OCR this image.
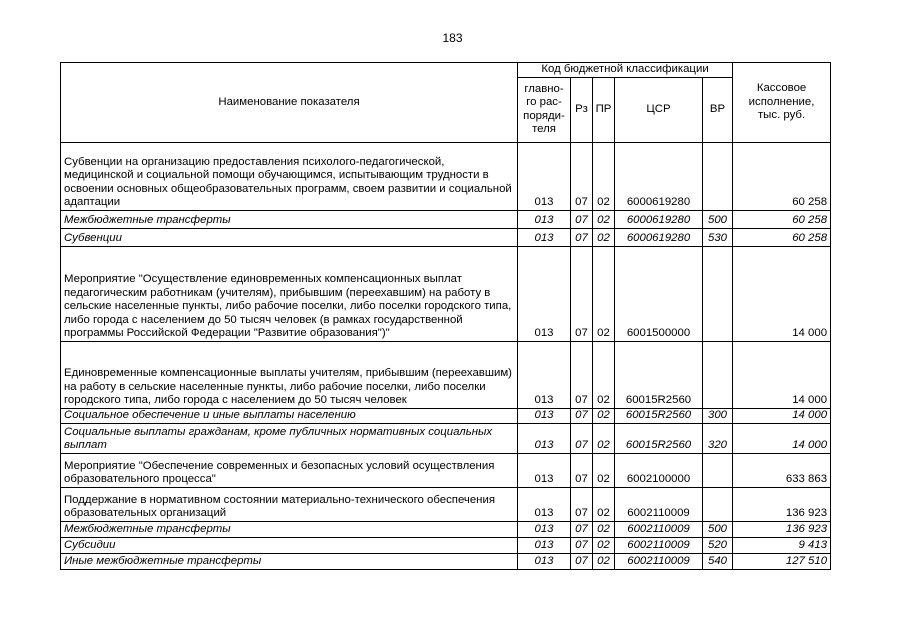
183
Наименование показателя	Код бюджетной классификации					Кассовое исполнение, тыс. руб.
	главно-го рас-поряди-теля	Рз	ПР	ЦСР	ВР	
Субвенции на организацию предоставления психолого-педагогической, медицинской и социальной помощи обучающимся, испытывающим трудности в освоении основных общеобразовательных программ, своем развитии и социальной адаптации	013	07	02	6000619280		60 258
Межбюджетные трансферты	013	07	02	6000619280	500	60 258
Субвенции	013	07	02	6000619280	530	60 258
Мероприятие "Осуществление единовременных компенсационных выплат педагогическим работникам (учителям), прибывшим (переехавшим) на работу в сельские населенные пункты, либо рабочие поселки, либо поселки городского типа, либо города с населением до 50 тысяч человек (в рамках государственной программы Российской Федерации "Развитие образования")"	013	07	02	6001500000		14 000
Единовременные компенсационные выплаты учителям, прибывшим (переехавшим) на работу в сельские населенные пункты, либо рабочие поселки, либо поселки городского типа, либо города с населением до 50 тысяч человек	013	07	02	60015R2560		14 000
Социальное обеспечение и иные выплаты населению	013	07	02	60015R2560	300	14 000
Социальные выплаты гражданам, кроме публичных нормативных социальных выплат	013	07	02	60015R2560	320	14 000
Мероприятие "Обеспечение современных и безопасных условий осуществления образовательного процесса"	013	07	02	6002100000		633 863
Поддержание в нормативном состоянии материально-технического обеспечения образовательных организаций	013	07	02	6002110009		136 923
Межбюджетные трансферты	013	07	02	6002110009	500	136 923
Субсидии	013	07	02	6002110009	520	9 413
Иные межбюджетные трансферты	013	07	02	6002110009	540	127 510
